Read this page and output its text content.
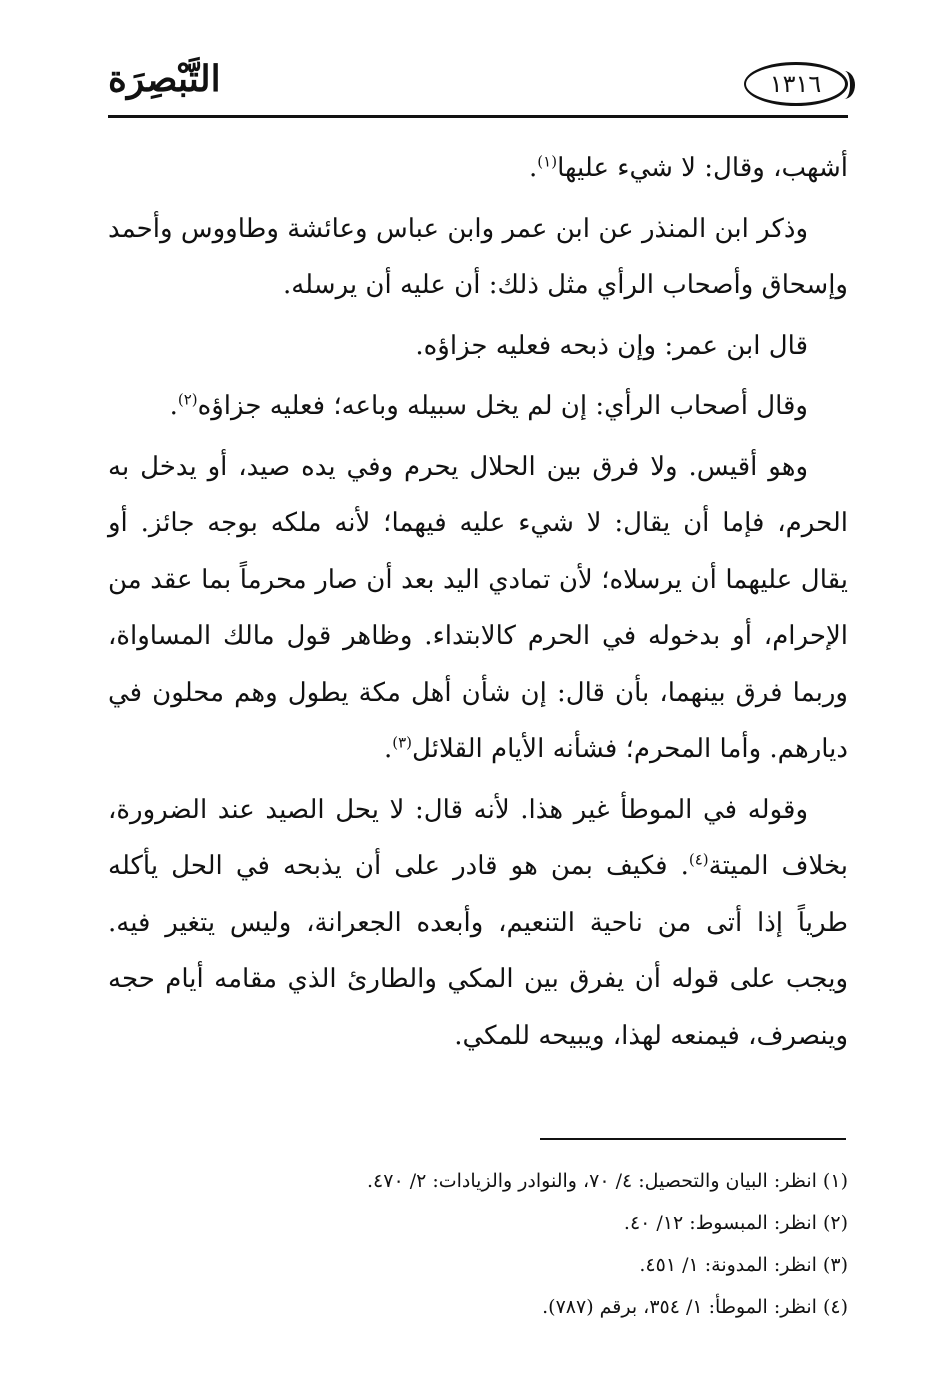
التَّبْصِرَة	١٣١٦

أشهب، وقال: لا شيء عليها$^{(١)}$.

وذكر ابن المنذر عن ابن عمر وابن عباس وعائشة وطاووس وأحمد وإسحاق وأصحاب الرأي مثل ذلك: أن عليه أن يرسله.

قال ابن عمر: وإن ذبحه فعليه جزاؤه.

وقال أصحاب الرأي: إن لم يخل سبيله وباعه؛ فعليه جزاؤه$^{(٢)}$.

وهو أقيس. ولا فرق بين الحلال يحرم وفي يده صيد، أو يدخل به الحرم، فإما أن يقال: لا شيء عليه فيهما؛ لأنه ملكه بوجه جائز. أو يقال عليهما أن يرسلاه؛ لأن تمادي اليد بعد أن صار محرماً بما عقد من الإحرام، أو بدخوله في الحرم كالابتداء. وظاهر قول مالك المساواة، وربما فرق بينهما، بأن قال: إن شأن أهل مكة يطول وهم محلون في ديارهم. وأما المحرم؛ فشأنه الأيام القلائل$^{(٣)}$.

وقوله في الموطأ غير هذا. لأنه قال: لا يحل الصيد عند الضرورة، بخلاف الميتة$^{(٤)}$. فكيف بمن هو قادر على أن يذبحه في الحل يأكله طرياً إذا أتى من ناحية التنعيم، وأبعده الجعرانة، وليس يتغير فيه. ويجب على قوله أن يفرق بين المكي والطارئ الذي مقامه أيام حجه وينصرف، فيمنعه لهذا، ويبيحه للمكي.

(١) انظر: البيان والتحصيل: ٤/ ٧٠، والنوادر والزيادات: ٢/ ٤٧٠.

(٢) انظر: المبسوط: ١٢/ ٤٠.

(٣) انظر: المدونة: ١/ ٤٥١.

(٤) انظر: الموطأ: ١/ ٣٥٤، برقم (٧٨٧).
